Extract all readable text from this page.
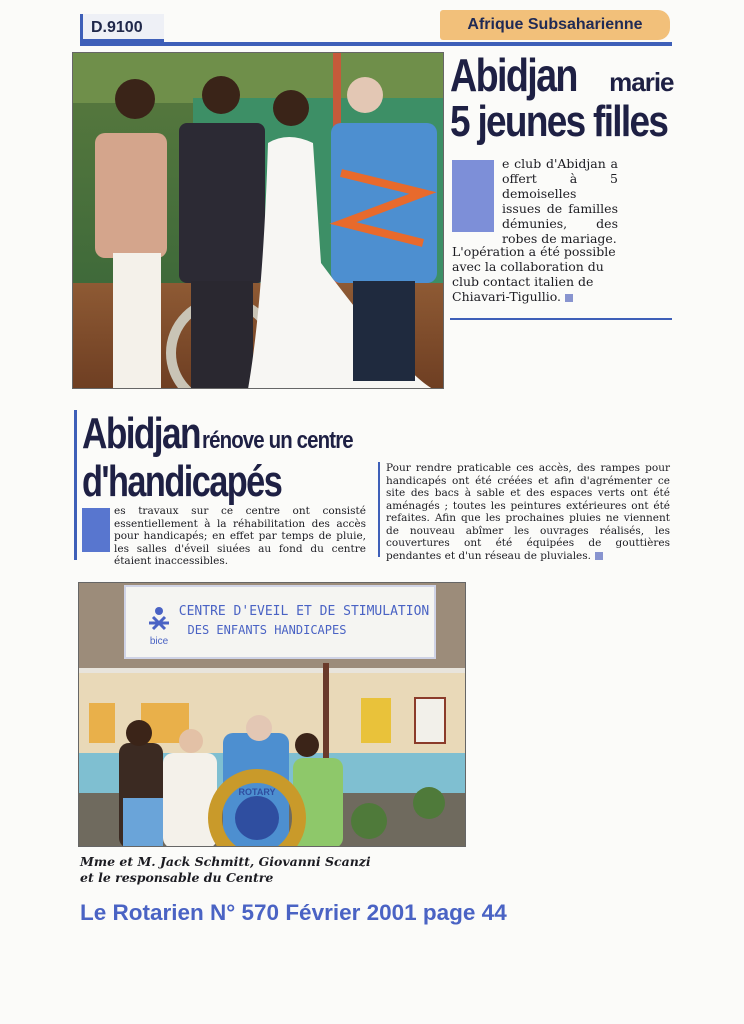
D.9100	Afrique Subsaharienne
Abidjan marie
5 jeunes filles
e club d'Abidjan a offert à 5 demoiselles issues de familles démunies, des robes de mariage.
L'opération a été possible avec la collaboration du club contact italien de Chiavari-Tigullio.
Abidjan rénove un centre
d'handicapés
es travaux sur ce centre ont consisté essentiellement à la réhabilitation des accès pour handicapés; en effet par temps de pluie, les salles d'éveil siuées au fond du centre étaient inaccessibles.
Pour rendre praticable ces accès, des rampes pour handicapés ont été créées et afin d'agrémenter ce site des bacs à sable et des espaces verts ont été aménagés ; toutes les peintures extérieures ont été refaites. Afin que les prochaines pluies ne viennent de nouveau abîmer les ouvrages réalisés, les couvertures ont été équipées de gouttières pendantes et d'un réseau de pluviales.
bice
CENTRE D'EVEIL ET DE STIMULATION
DES ENFANTS HANDICAPES
ROTARY
Mme et M. Jack Schmitt, Giovanni Scanzi
et le responsable du Centre
Le Rotarien N° 570 Février 2001 page 44
